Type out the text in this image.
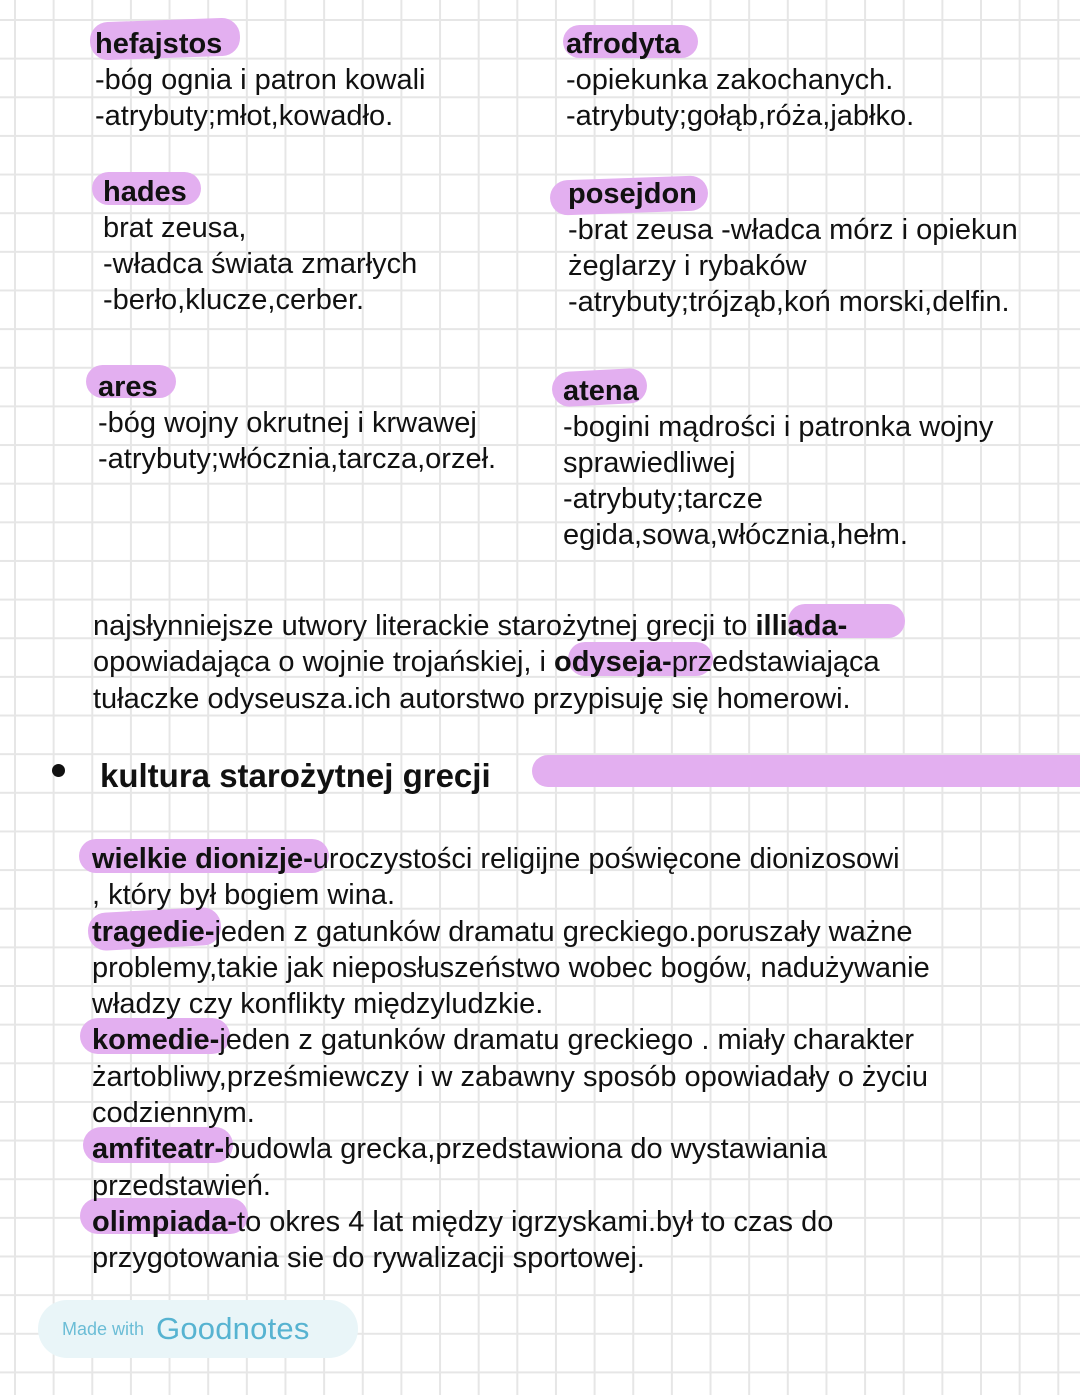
hefajstos
-bóg ognia i patron kowali
-atrybuty;młot,kowadło.
afrodyta
-opiekunka zakochanych.
-atrybuty;gołąb,róża,jabłko.
hades
brat zeusa,
-władca świata zmarłych
-berło,klucze,cerber.
posejdon
-brat zeusa -władca mórz i opiekun
żeglarzy i rybaków
-atrybuty;trójząb,koń morski,delfin.
ares
-bóg wojny okrutnej i krwawej
-atrybuty;włócznia,tarcza,orzeł.
atena
-bogini mądrości i patronka wojny
sprawiedliwej
-atrybuty;tarcze
egida,sowa,włócznia,hełm.
najsłynniejsze utwory literackie starożytnej grecji to illiada-
opowiadająca o wojnie trojańskiej, i odyseja-przedstawiająca
tułaczke odyseusza.ich autorstwo przypisuję się homerowi.
kultura starożytnej grecji
wielkie dionizje-uroczystości religijne poświęcone dionizosowi
, który był bogiem wina.
tragedie-jeden z gatunków dramatu greckiego.poruszały ważne
problemy,takie jak nieposłuszeństwo wobec bogów, nadużywanie
władzy czy konflikty międzyludzkie.
komedie-jeden z gatunków dramatu greckiego . miały charakter
żartobliwy,prześmiewczy i w zabawny sposób opowiadały o życiu
codziennym.
amfiteatr-budowla grecka,przedstawiona do wystawiania
przedstawień.
olimpiada-to okres 4 lat między igrzyskami.był to czas do
przygotowania sie do rywalizacji sportowej.
Made with Goodnotes
